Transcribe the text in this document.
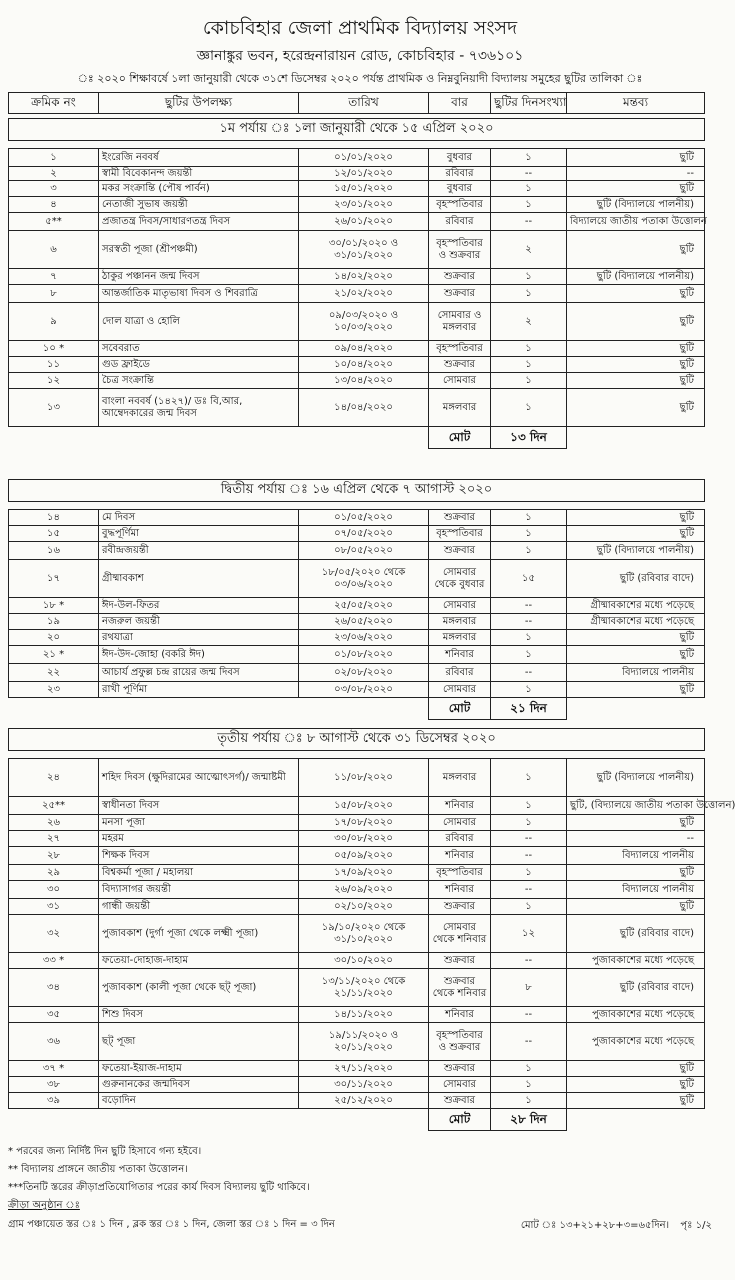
কোচবিহার জেলা প্রাথমিক বিদ্যালয় সংসদ
জ্ঞানাঙ্কুর ভবন, হরেন্দ্রনারায়ন রোড, কোচবিহার - ৭৩৬১০১
ঃ ২০২০ শিক্ষাবর্ষে ১লা জানুয়ারী থেকে ৩১শে ডিসেম্বর ২০২০ পর্যন্ত প্রাথমিক ও নিম্নবুনিয়াদী বিদ্যালয় সমুহের ছুটির তালিকা ঃ
ক্রমিক নং	ছুটির উপলক্ষ্য	তারিখ	বার	ছুটির দিনসংখ্যা	মন্তব্য
১ম পর্যায় ঃ ১লা জানুয়ারী থেকে ১৫ এপ্রিল ২০২০					

১	ইংরেজি নববর্ষ	০১/০১/২০২০	বুধবার	১	ছুটি
২	স্বামী বিবেকানন্দ জয়ন্তী	১২/০১/২০২০	রবিবার	--	--
৩	মকর সংক্রান্তি (পৌষ পার্বন)	১৫/০১/২০২০	বুধবার	১	ছুটি
৪	নেতাজী সুভাষ জয়ন্তী	২৩/০১/২০২০	বৃহস্পতিবার	১	ছুটি (বিদ্যালয়ে পালনীয়)
৫**	প্রজাতন্ত্র দিবস/সাধারণতন্ত্র দিবস	২৬/০১/২০২০	রবিবার	--	বিদ্যালয়ে জাতীয় পতাকা উত্তোলন
৬	সরস্বতী পূজা (শ্রীপঞ্চমী)	৩০/০১/২০২০ ও ৩১/০১/২০২০	বৃহস্পতিবার ও শুক্রবার	২	ছুটি
৭	ঠাকুর পঞ্চানন জন্ম দিবস	১৪/০২/২০২০	শুক্রবার	১	ছুটি (বিদ্যালয়ে পালনীয়)
৮	আন্তর্জাতিক মাতৃভাষা দিবস ও শিবরাত্রি	২১/০২/২০২০	শুক্রবার	১	ছুটি
৯	দোল যাত্রা ও হোলি	০৯/০৩/২০২০ ও ১০/০৩/২০২০	সোমবার ও মঙ্গলবার	২	ছুটি
১০ *	সবেবরাত	০৯/০৪/২০২০	বৃহস্পতিবার	১	ছুটি
১১	গুড ফ্রাইডে	১০/০৪/২০২০	শুক্রবার	১	ছুটি
১২	চৈত্র সংক্রান্তি	১৩/০৪/২০২০	সোমবার	১	ছুটি
১৩	বাংলা নববর্ষ (১৪২৭)/ ডঃ বি,আর, আম্বেদকারের জন্ম দিবস	১৪/০৪/২০২০	মঙ্গলবার	১	ছুটি
			মোট	১৩ দিন	
দ্বিতীয় পর্যায় ঃ ১৬ এপ্রিল থেকে ৭ আগাস্ট ২০২০					

১৪	মে দিবস	০১/০৫/২০২০	শুক্রবার	১	ছুটি
১৫	বুদ্ধপূর্ণিমা	০৭/০৫/২০২০	বৃহস্পতিবার	১	ছুটি
১৬	রবীন্দ্রজয়ন্তী	০৮/০৫/২০২০	শুক্রবার	১	ছুটি (বিদ্যালয়ে পালনীয়)
১৭	গ্রীষ্মাবকাশ	১৮/০৫/২০২০ থেকে ০৩/০৬/২০২০	সোমবার থেকে বুধবার	১৫	ছুটি (রবিবার বাদে)
১৮ *	ঈদ-উল-ফিতর	২৫/০৫/২০২০	সোমবার	--	গ্রীষ্মাবকাশের মধ্যে পড়েছে
১৯	নজরুল জয়ন্তী	২৬/০৫/২০২০	মঙ্গলবার	--	গ্রীষ্মাবকাশের মধ্যে পড়েছে
২০	রথযাত্রা	২৩/০৬/২০২০	মঙ্গলবার	১	ছুটি
২১ *	ঈদ-উদ-জোহা (বকরি ঈদ)	০১/০৮/২০২০	শনিবার	১	ছুটি
২২	আচার্য প্রফুল্ল চন্দ্র রায়ের জন্ম দিবস	০২/০৮/২০২০	রবিবার	--	বিদ্যালয়ে পালনীয়
২৩	রাখী পূর্ণিমা	০৩/০৮/২০২০	সোমবার	১	ছুটি
			মোট	২১ দিন	
তৃতীয় পর্যায় ঃ ৮ আগাস্ট থেকে ৩১ ডিসেম্বর ২০২০					

২৪	শহিদ দিবস (ক্ষুদিরামের আত্মোৎসর্গ)/ জন্মাষ্টমী	১১/০৮/২০২০	মঙ্গলবার	১	ছুটি (বিদ্যালয়ে পালনীয়)
২৫**	স্বাধীনতা দিবস	১৫/০৮/২০২০	শনিবার	১	ছুটি, (বিদ্যালয়ে জাতীয় পতাকা উত্তোলন)
২৬	মনসা পূজা	১৭/০৮/২০২০	সোমবার	১	ছুটি
২৭	মহরম	৩০/০৮/২০২০	রবিবার	--	--
২৮	শিক্ষক দিবস	০৫/০৯/২০২০	শনিবার	--	বিদ্যালয়ে পালনীয়
২৯	বিশ্বকর্মা পূজা / মহালয়া	১৭/০৯/২০২০	বৃহস্পতিবার	১	ছুটি
৩০	বিদ্যাসাগর জয়ন্তী	২৬/০৯/২০২০	শনিবার	--	বিদ্যালয়ে পালনীয়
৩১	গান্ধী জয়ন্তী	০২/১০/২০২০	শুক্রবার	১	ছুটি
৩২	পুজাবকাশ (দুর্গা পূজা থেকে লক্ষ্মী পূজা)	১৯/১০/২০২০ থেকে ৩১/১০/২০২০	সোমবার থেকে শনিবার	১২	ছুটি (রবিবার বাদে)
৩৩ *	ফতেয়া-দোহাজ-দাহাম	৩০/১০/২০২০	শুক্রবার	--	পুজাবকাশের মধ্যে পড়েছে
৩৪	পুজাবকাশ (কালী পূজা থেকে ছট্ পূজা)	১৩/১১/২০২০ থেকে ২১/১১/২০২০	শুক্রবার থেকে শনিবার	৮	ছুটি (রবিবার বাদে)
৩৫	শিশু দিবস	১৪/১১/২০২০	শনিবার	--	পুজাবকাশের মধ্যে পড়েছে
৩৬	ছট্ পূজা	১৯/১১/২০২০ ও ২০/১১/২০২০	বৃহস্পতিবার ও শুক্রবার	--	পুজাবকাশের মধ্যে পড়েছে
৩৭ *	ফতেয়া-ইয়াজ-দাহাম	২৭/১১/২০২০	শুক্রবার	১	ছুটি
৩৮	গুরুনানকের জন্মদিবস	৩০/১১/২০২০	সোমবার	১	ছুটি
৩৯	বড়োদিন	২৫/১২/২০২০	শুক্রবার	১	ছুটি
			মোট	২৮ দিন	
* পরবের জন্য নির্দিষ্ট দিন ছুটি হিসাবে গন্য হইবে।
** বিদ্যালয় প্রাঙ্গনে জাতীয় পতাকা উত্তোলন।
***তিনটি স্তরের ক্রীড়াপ্রতিযোগিতার পরের কার্য দিবস বিদ্যালয় ছুটি থাকিবে।
ক্রীড়া অনুষ্ঠান ঃ
গ্রাম পঞ্চায়েত স্তর ঃ ১ দিন , ব্লক স্তর ঃ ১ দিন, জেলা স্তর ঃ ১ দিন = ৩ দিন	মোট ঃ ১৩+২১+২৮+৩=৬৫দিন। পৃঃ ১/২
